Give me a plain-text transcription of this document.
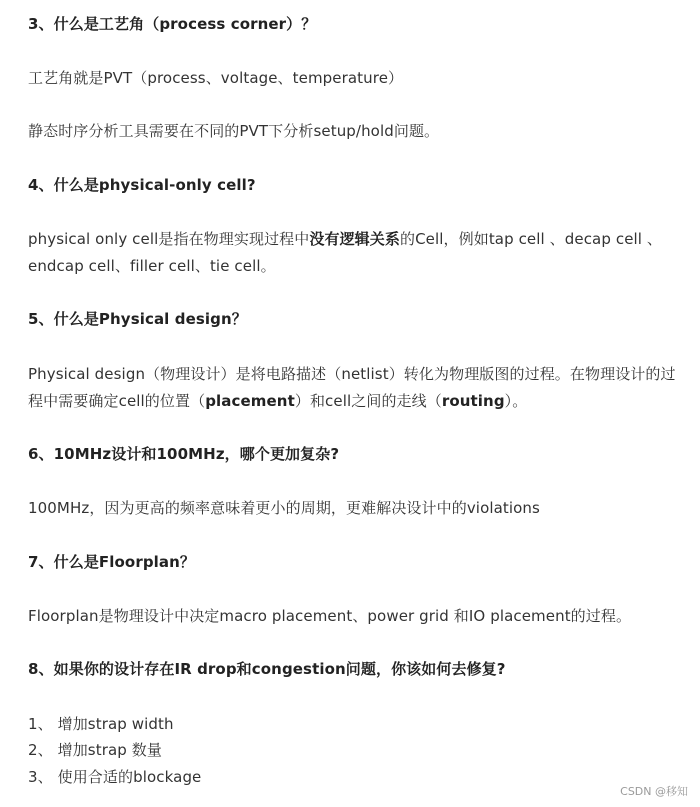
3、什么是工艺角（process corner）？
工艺角就是PVT（process、voltage、temperature）
静态时序分析工具需要在不同的PVT下分析setup/hold问题。
4、什么是physical-only cell?
physical only cell是指在物理实现过程中没有逻辑关系的Cell，例如tap cell 、decap cell 、
endcap cell、filler cell、tie cell。
5、什么是Physical design？
Physical design（物理设计）是将电路描述（netlist）转化为物理版图的过程。在物理设计的过
程中需要确定cell的位置（placement）和cell之间的走线（routing）。
6、10MHz设计和100MHz，哪个更加复杂?
100MHz，因为更高的频率意味着更小的周期，更难解决设计中的violations
7、什么是Floorplan？
Floorplan是物理设计中决定macro placement、power grid 和IO placement的过程。
8、如果你的设计存在IR drop和congestion问题，你该如何去修复?
1、 增加strap width
2、 增加strap 数量
3、 使用合适的blockage
CSDN @移知
